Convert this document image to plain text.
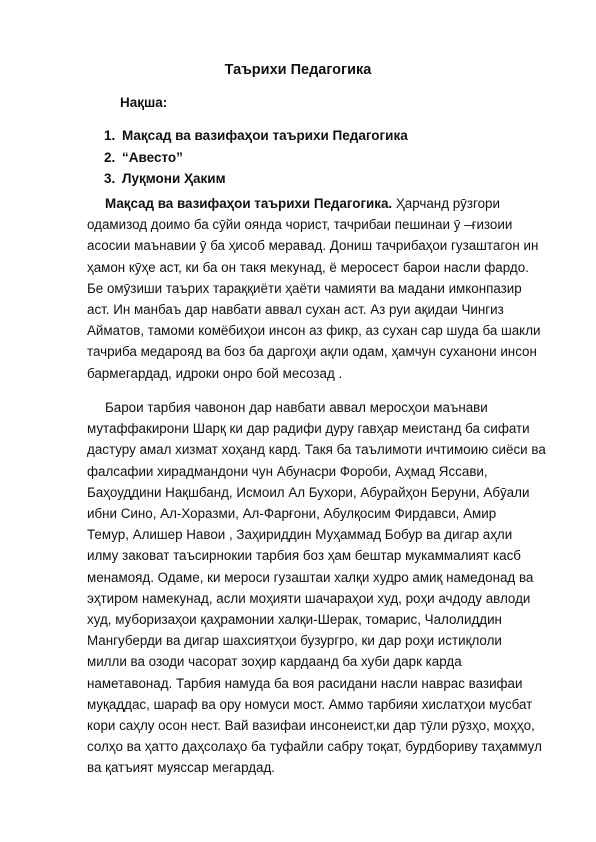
Таърихи Педагогика
Нақша:
1. Мақсад ва вазифаҳои таърихи Педагогика
2. “Авесто”
3. Луқмони Ҳаким
Мақсад ва вазифаҳои таърихи Педагогика. Ҳарчанд рӯзгори
одамизод доимо ба сӯйи оянда чорист, тачрибаи пешинаи ӯ –ғизоии
асосии маънавии ӯ ба ҳисоб меравад. Дониш тачрибаҳои гузаштагон ин
ҳамон кӯҳе аст, ки ба он такя мекунад, ё меросест барои насли фардо.
Бе омӯзиши таърих тараққиёти ҳаёти чамияти ва мадани имконпазир
аст. Ин манбаъ дар навбати аввал сухан аст. Аз руи ақидаи Чингиз
Айматов, тамоми комёбиҳои инсон аз фикр, аз сухан сар шуда ба шакли
тачриба медарояд ва боз ба даргоҳи ақли одам, ҳамчун суханони инсон
бармегардад, идроки онро бой месозад .
Барои тарбия чавонон дар навбати аввал меросҳои маънави
мутаффакирони Шарқ ки дар радифи дуру гавҳар меистанд ба сифати
дастуру амал хизмат хоҳанд кард. Такя ба таълимоти ичтимоию сиёси ва
фалсафии хирадмандони чун Абунасри Фороби, Аҳмад Яссави,
Баҳоуддини Нақшбанд, Исмоил Ал Бухори, Абурайҳон Беруни, Абӯали
ибни Сино, Ал-Хоразми, Ал-Фарғони, Абулқосим Фирдавси, Амир
Темур, Алишер Навои , Заҳириддин Муҳаммад Бобур ва дигар аҳли
илму заковат таъсирнокии тарбия боз ҳам бештар мукаммалият касб
менамояд. Одаме, ки мероси гузаштаи халқи худро амиқ намедонад ва
эҳтиром намекунад, асли моҳияти шачараҳои худ, роҳи ачдоду авлоди
худ, муборизаҳои қаҳрамонии халқи-Шерак, томарис, Чалолиддин
Мангуберди ва дигар шахсиятҳои бузургро, ки дар роҳи истиқлоли
милли ва озоди часорат зоҳир кардаанд ба хуби дарк карда
наметавонад. Тарбия намуда ба воя расидани насли наврас вазифаи
муқаддас, шараф ва ору номуси мост. Аммо тарбияи хислатҳои мусбат
кори саҳлу осон нест. Вай вазифаи инсонеист,ки дар тӯли рӯзҳо, моҳҳо,
солҳо ва ҳатто даҳсолаҳо ба туфайли сабру тоқат, бурдбориву таҳаммул
ва қатъият муяссар мегардад.
